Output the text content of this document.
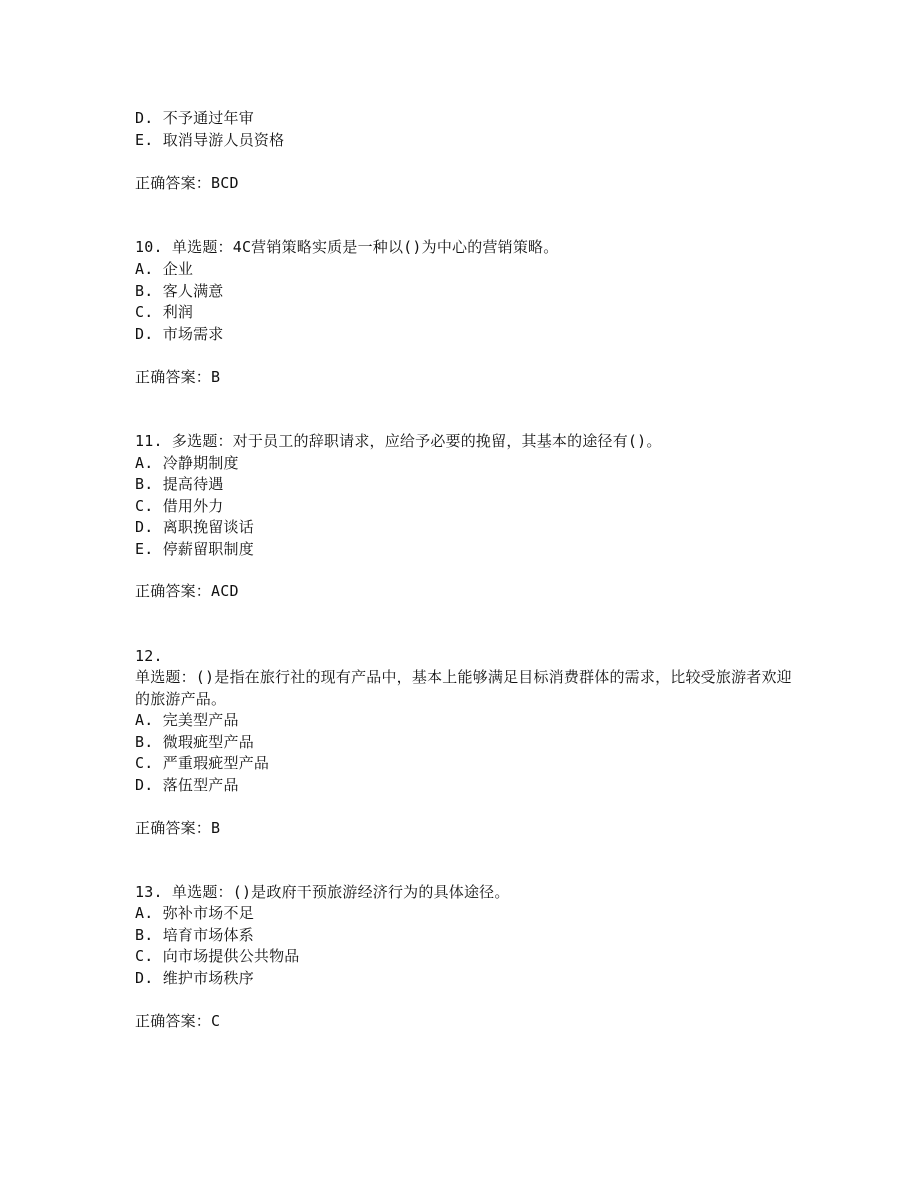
D. 不予通过年审
E. 取消导游人员资格
正确答案：BCD
10. 单选题：4C营销策略实质是一种以()为中心的营销策略。
A. 企业
B. 客人满意
C. 利润
D. 市场需求
正确答案：B
11. 多选题：对于员工的辞职请求，应给予必要的挽留，其基本的途径有()。
A. 冷静期制度
B. 提高待遇
C. 借用外力
D. 离职挽留谈话
E. 停薪留职制度
正确答案：ACD
12.
单选题：()是指在旅行社的现有产品中，基本上能够满足目标消费群体的需求，比较受旅游者欢迎的旅游产品。
A. 完美型产品
B. 微瑕疵型产品
C. 严重瑕疵型产品
D. 落伍型产品
正确答案：B
13. 单选题：()是政府干预旅游经济行为的具体途径。
A. 弥补市场不足
B. 培育市场体系
C. 向市场提供公共物品
D. 维护市场秩序
正确答案：C
